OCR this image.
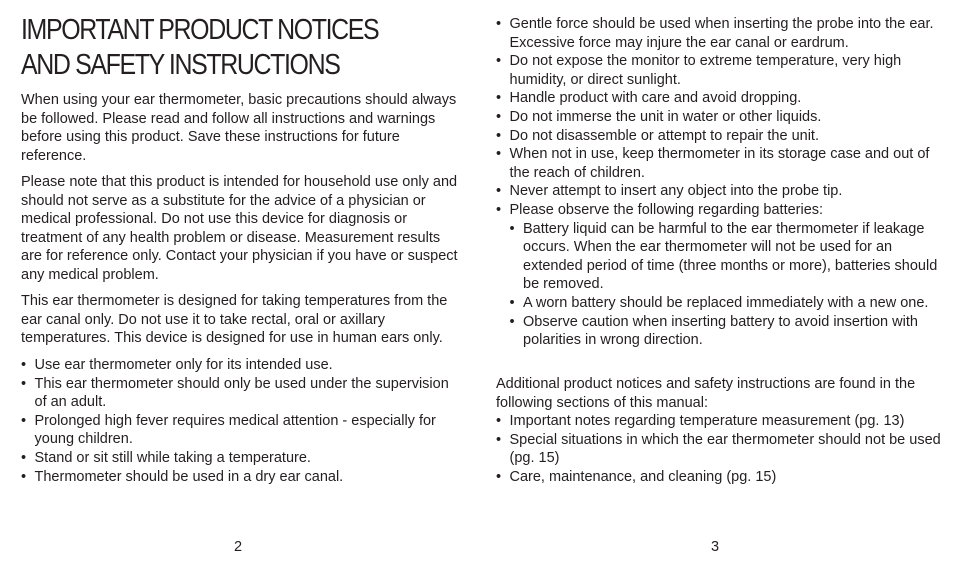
IMPORTANT PRODUCT NOTICES
AND SAFETY INSTRUCTIONS

When using your ear thermometer, basic precautions should always be followed. Please read and follow all instructions and warnings before using this product. Save these instructions for future reference.

Please note that this product is intended for household use only and should not serve as a substitute for the advice of a physician or medical professional. Do not use this device for diagnosis or treatment of any health problem or disease. Measurement results are for reference only. Contact your physician if you have or suspect any medical problem.

This ear thermometer is designed for taking temperatures from the ear canal only. Do not use it to take rectal, oral or axillary temperatures. This device is designed for use in human ears only.

• Use ear thermometer only for its intended use.
• This ear thermometer should only be used under the supervision of an adult.
• Prolonged high fever requires medical attention - especially for young children.
• Stand or sit still while taking a temperature.
• Thermometer should be used in a dry ear canal.
2
• Gentle force should be used when inserting the probe into the ear. Excessive force may injure the ear canal or eardrum.
• Do not expose the monitor to extreme temperature, very high humidity, or direct sunlight.
• Handle product with care and avoid dropping.
• Do not immerse the unit in water or other liquids.
• Do not disassemble or attempt to repair the unit.
• When not in use, keep thermometer in its storage case and out of the reach of children.
• Never attempt to insert any object into the probe tip.
• Please observe the following regarding batteries:
• Battery liquid can be harmful to the ear thermometer if leakage occurs. When the ear thermometer will not be used for an extended period of time (three months or more), batteries should be removed.
• A worn battery should be replaced immediately with a new one.
• Observe caution when inserting battery to avoid insertion with polarities in wrong direction.

Additional product notices and safety instructions are found in the following sections of this manual:

• Important notes regarding temperature measurement (pg. 13)
• Special situations in which the ear thermometer should not be used (pg. 15)
• Care, maintenance, and cleaning (pg. 15)
3
